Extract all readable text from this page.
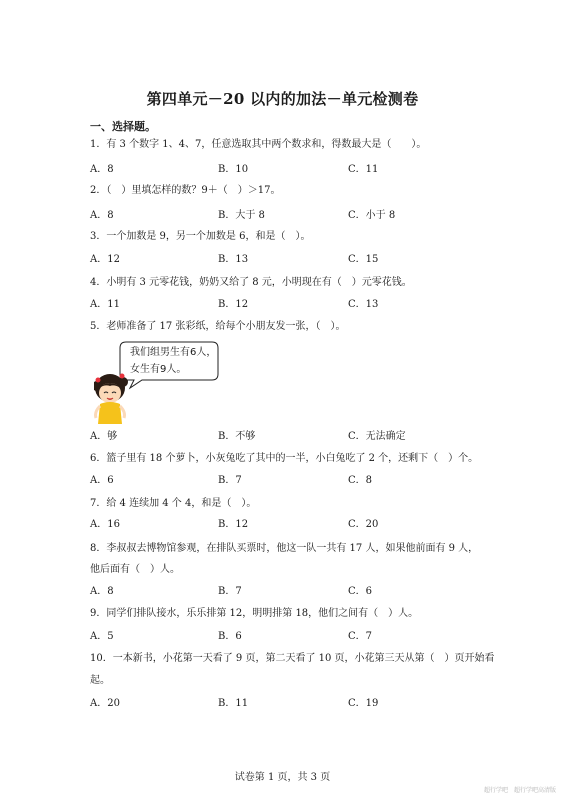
第四单元－20 以内的加法－单元检测卷
一、选择题。
1．有 3 个数字 1、4、7，任意选取其中两个数求和，得数最大是（　　）。
A．8	B．10	C．11
2．（　）里填怎样的数？9＋（　）＞17。
A．8	B．大于 8	C．小于 8
3．一个加数是 9，另一个加数是 6，和是（　）。
A．12	B．13	C．15
4．小明有 3 元零花钱，奶奶又给了 8 元，小明现在有（　）元零花钱。
A．11	B．12	C．13
5．老师准备了 17 张彩纸，给每个小朋友发一张，（　）。
我们组男生有6人，
女生有9人。
A．够	B．不够	C．无法确定
6．篮子里有 18 个萝卜，小灰兔吃了其中的一半，小白兔吃了 2 个，还剩下（　）个。
A．6	B．7	C．8
7．给 4 连续加 4 个 4，和是（　）。
A．16	B．12	C．20
8．李叔叔去博物馆参观，在排队买票时，他这一队一共有 17 人，如果他前面有 9 人，
他后面有（　）人。
A．8	B．7	C．6
9．同学们排队接水，乐乐排第 12，明明排第 18，他们之间有（　）人。
A．5	B．6	C．7
10．一本新书，小花第一天看了 9 页，第二天看了 10 页，小花第三天从第（　）页开始看
起。
A．20	B．11	C．19
试卷第 1 页，共 3 页
超行学吧 超行学吧高清版
